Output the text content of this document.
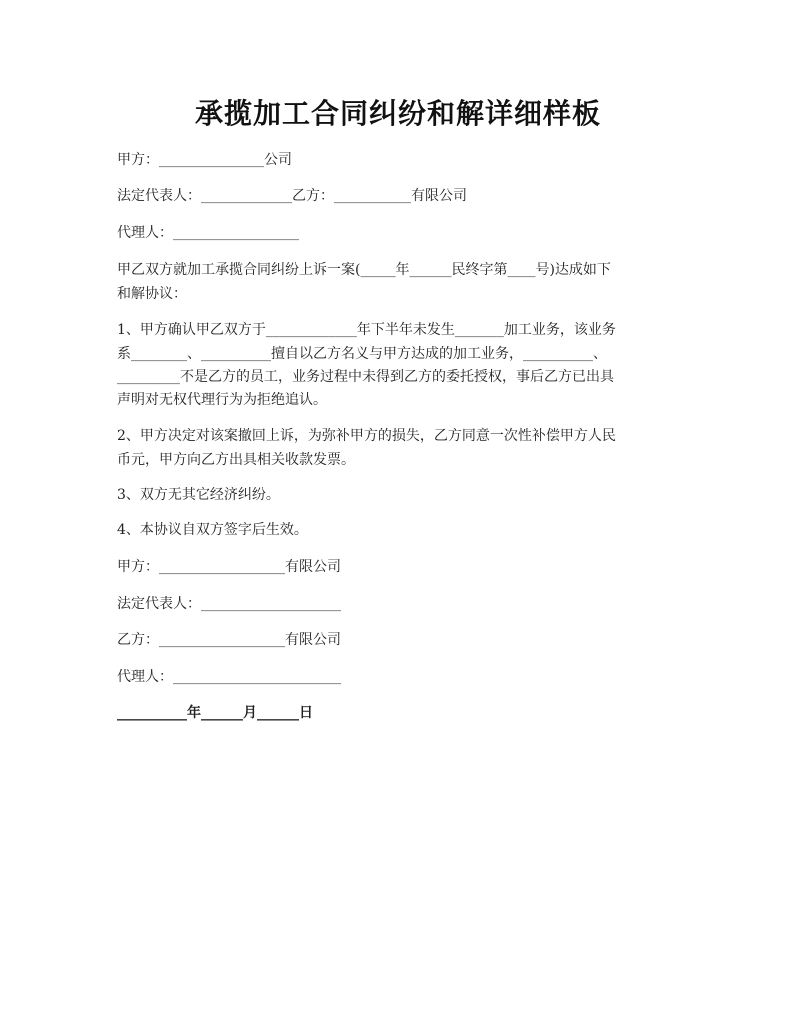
承揽加工合同纠纷和解详细样板
甲方：_______________公司
法定代表人：_____________乙方：___________有限公司
代理人：__________________
甲乙双方就加工承揽合同纠纷上诉一案(_____年______民终字第____号)达成如下
和解协议：
1、甲方确认甲乙双方于_____________年下半年未发生_______加工业务，该业务
系________、__________擅自以乙方名义与甲方达成的加工业务，__________、
_________不是乙方的员工，业务过程中未得到乙方的委托授权，事后乙方已出具
声明对无权代理行为为拒绝追认。
2、甲方决定对该案撤回上诉，为弥补甲方的损失，乙方同意一次性补偿甲方人民
币元，甲方向乙方出具相关收款发票。
3、双方无其它经济纠纷。
4、本协议自双方签字后生效。
甲方：__________________有限公司
法定代表人：____________________
乙方：__________________有限公司
代理人：________________________
__________年______月______日
